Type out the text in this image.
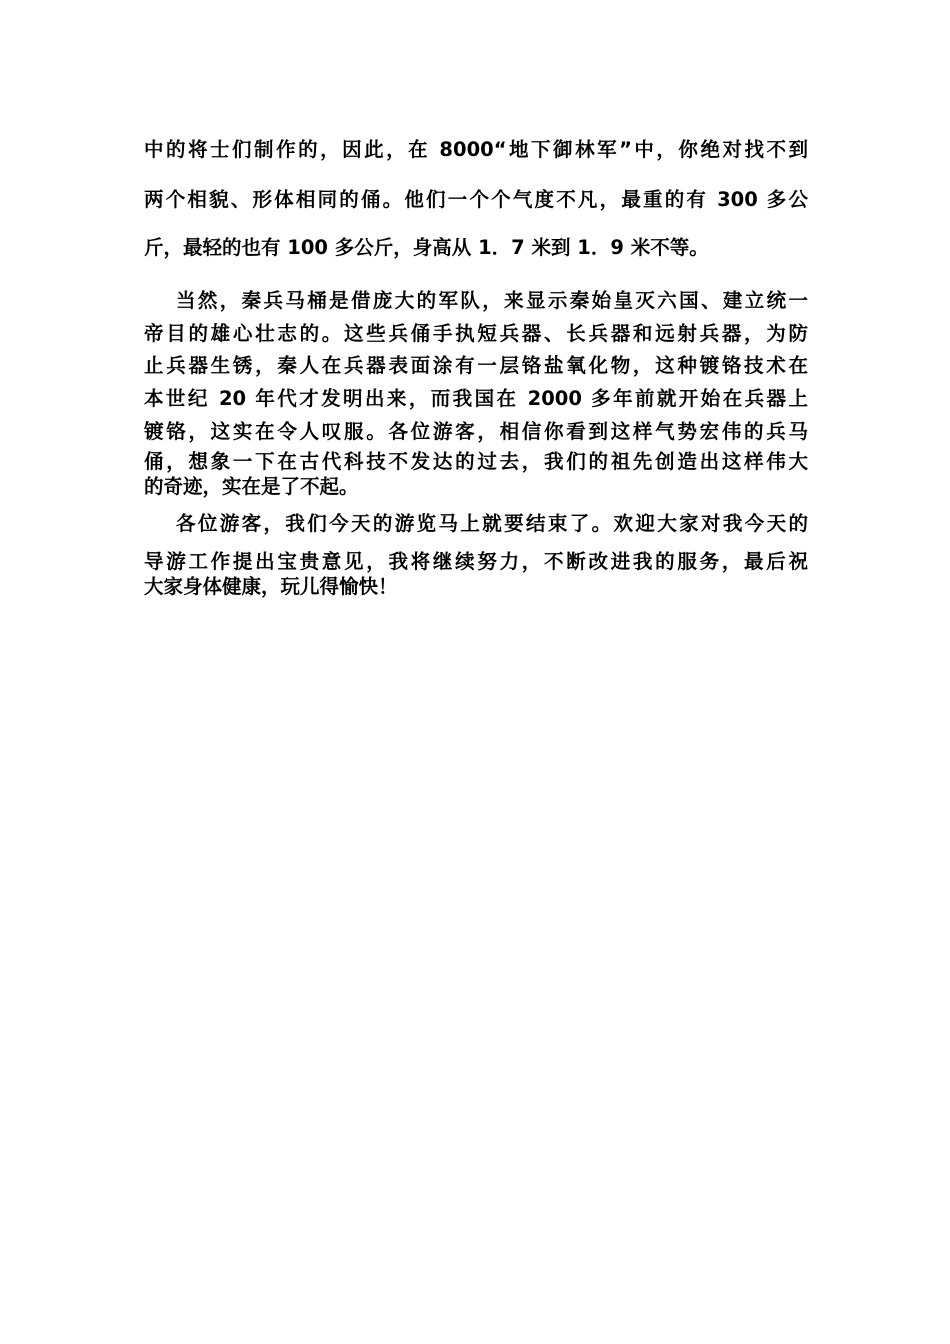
中的将士们制作的，因此，在 8000“地下御林军”中，你绝对找不到
两个相貌、形体相同的俑。他们一个个气度不凡，最重的有 300 多公
斤，最轻的也有 100 多公斤，身高从 1．7 米到 1．9 米不等。
当然，秦兵马桶是借庞大的军队，来显示秦始皇灭六国、建立统一
帝目的雄心壮志的。这些兵俑手执短兵器、长兵器和远射兵器，为防
止兵器生锈，秦人在兵器表面涂有一层铬盐氧化物，这种镀铬技术在
本世纪 20 年代才发明出来，而我国在 2000 多年前就开始在兵器上
镀铬，这实在令人叹服。各位游客，相信你看到这样气势宏伟的兵马
俑，想象一下在古代科技不发达的过去，我们的祖先创造出这样伟大
的奇迹，实在是了不起。
各位游客，我们今天的游览马上就要结束了。欢迎大家对我今天的
导游工作提出宝贵意见，我将继续努力，不断改进我的服务，最后祝
大家身体健康，玩儿得愉快！
